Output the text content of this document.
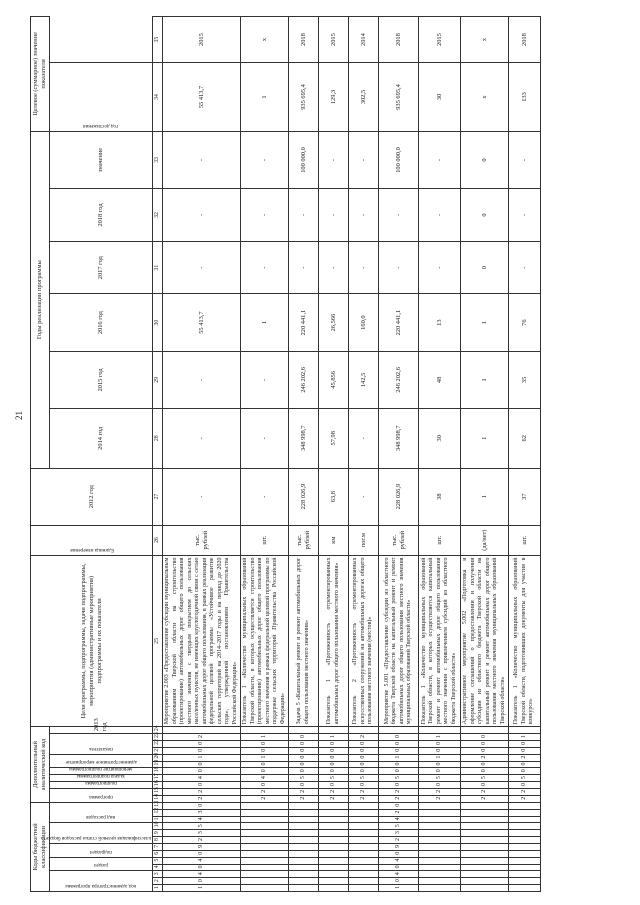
21
Коды бюджетной классификации													Дополнительный аналитический код											Цели программы, подпрограммы, задачи подпрограммы, мероприятия (административные мероприятия) подпрограммы и их показатели	Единица измерения	2012 год	Годы реализации программы						Целевое (суммарное) значение показателя	

код администратора программы			раздел		подраздел		классификация целевой статьи расходов бюджета			вид расходов			программа		подпрограмма	задача подпрограммы	мероприятие подпрограммы	административное мероприятие		показатель			2013 год				2014 год	2015 год	2016 год	2017 год	2018 год	значение	год достижения	

1	2	3	4	5	6	7	8	9	10	11	12	13	14	15	16	17	18	19	20	21	22	23	24	25	26	27	28	29	30	31	32	33	34	35
1	0	4	0	4	0	9	2	3	5	4	3	0	2	2	0	4	0	0	1	0	0	2		Мероприятие 2.003 «Предоставление субсидии муниципальным образованиям Тверской области на строительство (проектирование) автомобильных дорог общего пользования местного значения с твердым покрытием до сельских населенных пунктов, не имеющих круглогодичной связи с сетью автомобильных дорог общего пользования, в рамках реализации федеральной целевой программы «Устойчивое развитие сельских территорий на 2014–2017 годы и на период до 2020 года», утвержденной постановлением Правительства Российской Федерации»	тыс. рублей	-	-	-	55 413,7	-	-	-	55 413,7	2015
													2	2	0	4	0	0	1	0	0	1		Показатель 1 «Количество муниципальных образований Тверской области, в которых осуществляется строительство (проектирование) автомобильных дорог общего пользования местного значения в рамках федеральной целевой программы по поддержке сельских территорий Правительства Российской Федерации»	шт.	-	-	-	1	-	-	-	1	х
													2	2	0	5	0	0	0	0	0	0		Задача 5 «Капитальный ремонт и ремонт автомобильных дорог общего пользования местного значения»	тыс. рублей	228 026,9	348 998,7	246 202,6	220 441,1	-	-	100 000,0	935 695,4	2018
													2	2	0	5	0	0	0	0	0	1		Показатель 1 «Протяженность отремонтированных автомобильных дорог общего пользования местного значения»	км	63,8	57,98	45,856	26,566	-	-	-	129,3	2015
													2	2	0	5	0	0	0	0	0	2		Показатель 2 «Протяженность отремонтированных искусственных сооружений на автомобильных дорогах общего пользования местного значения (мостов)»	пог.м	-	-	142,5	160,0	-	-	-	302,5	2014
1	0	4	0	4	0	9	2	3	5	4	2	0	2	2	0	5	0	0	1	0	0	0		Мероприятие 5.001 «Предоставление субсидии из областного бюджета Тверской области на капитальный ремонт и ремонт автомобильных дорог общего пользования местного значения муниципальных образований Тверской области»	тыс. рублей	228 026,9	348 998,7	246 202,6	220 441,1	-	-	100 000,0	935 695,4	2018
													2	2	0	5	0	0	1	0	0	1		Показатель 1 «Количество муниципальных образований Тверской области, в которых осуществляется капитальный ремонт и ремонт автомобильных дорог общего пользования местного значения с привлечением субсидий из областного бюджета Тверской области»	шт.	38	30	48	13	-	-	-	30	2015
													2	2	0	5	0	0	2	0	0	0		Административное мероприятие 5.002 «Подготовка и оформление соглашений о предоставлении и получении субсидии из областного бюджета Тверской области на капитальный ремонт и ремонт автомобильных дорог общего пользования местного значения муниципальных образований Тверской области»	(да/нет)	1	1	1	1	0	0	0	х	х
													2	2	0	5	0	0	2	0	0	1		Показатель 1 «Количество муниципальных образований Тверской области, подготовивших документы для участия в конкурсе»	шт.	37	62	35	76	-	-	-	133	2018
